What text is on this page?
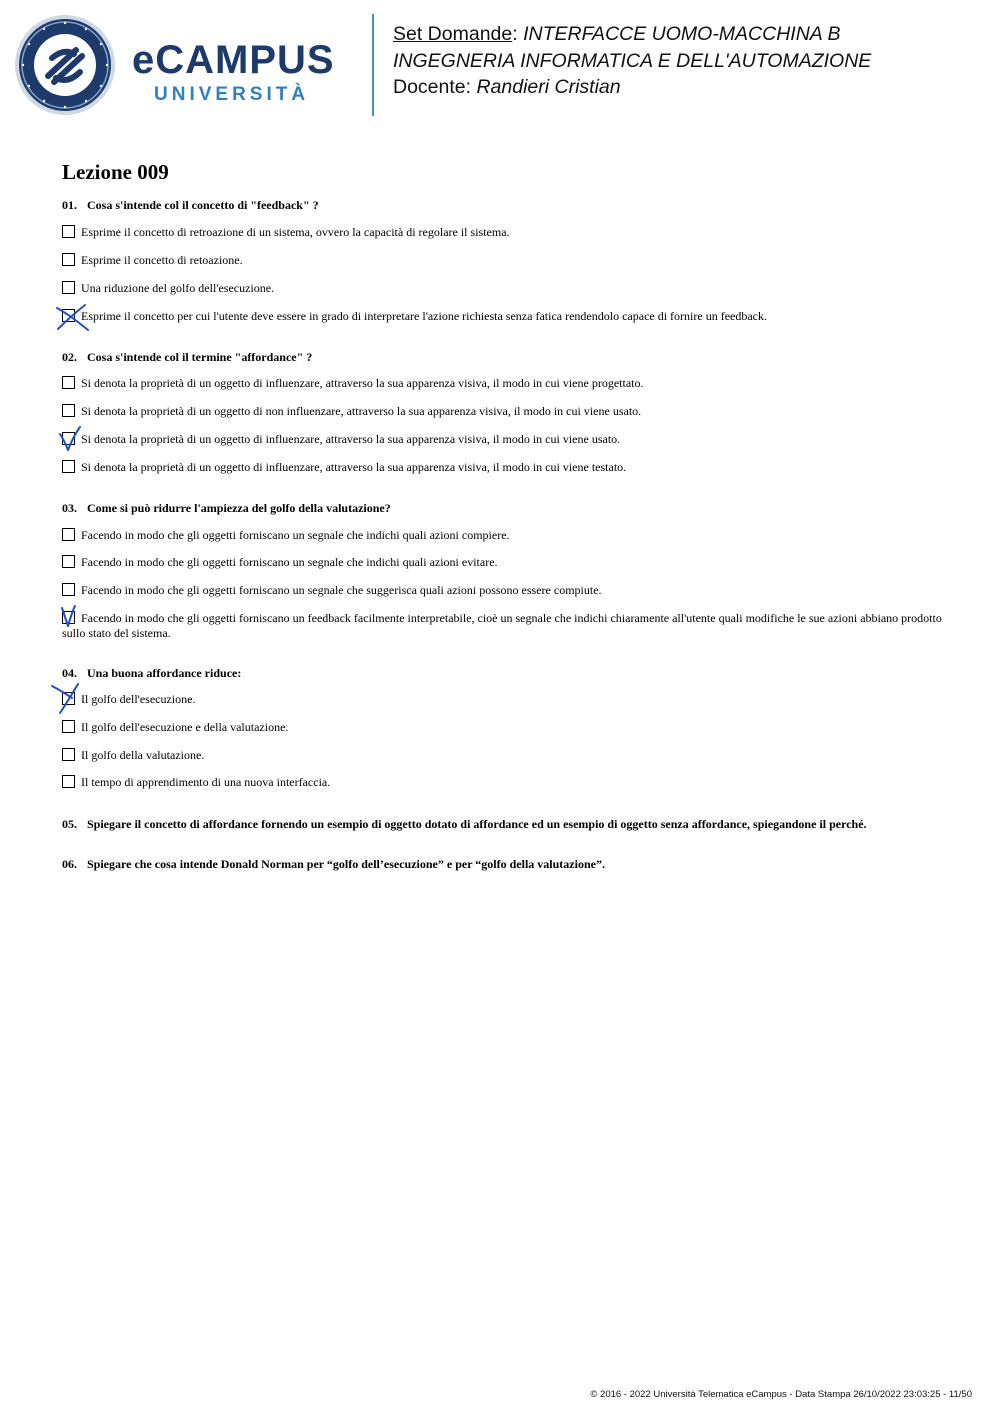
eCAMPUS
UNIVERSITÀ
Set Domande: INTERFACCE UOMO-MACCHINA B
INGEGNERIA INFORMATICA E DELL'AUTOMAZIONE
Docente: Randieri Cristian
Lezione 009
01. Cosa s'intende col il concetto di "feedback" ?
Esprime il concetto di retroazione di un sistema, ovvero la capacità di regolare il sistema.
Esprime il concetto di retoazione.
Una riduzione del golfo dell'esecuzione.
Esprime il concetto per cui l'utente deve essere in grado di interpretare l'azione richiesta senza fatica rendendolo capace di fornire un feedback.
02. Cosa s'intende col il termine "affordance" ?
Si denota la proprietà di un oggetto di influenzare, attraverso la sua apparenza visiva, il modo in cui viene progettato.
Si denota la proprietà di un oggetto di non influenzare, attraverso la sua apparenza visiva, il modo in cui viene usato.
Si denota la proprietà di un oggetto di influenzare, attraverso la sua apparenza visiva, il modo in cui viene usato.
Si denota la proprietà di un oggetto di influenzare, attraverso la sua apparenza visiva, il modo in cui viene testato.
03. Come si può ridurre l'ampiezza del golfo della valutazione?
Facendo in modo che gli oggetti forniscano un segnale che indichi quali azioni compiere.
Facendo in modo che gli oggetti forniscano un segnale che indichi quali azioni evitare.
Facendo in modo che gli oggetti forniscano un segnale che suggerisca quali azioni possono essere compiute.
Facendo in modo che gli oggetti forniscano un feedback facilmente interpretabile, cioè un segnale che indichi chiaramente all'utente quali modifiche le sue azioni abbiano prodotto sullo stato del sistema.
04. Una buona affordance riduce:
Il golfo dell'esecuzione.
Il golfo dell'esecuzione e della valutazione.
Il golfo della valutazione.
Il tempo di apprendimento di una nuova interfaccia.
05. Spiegare il concetto di affordance fornendo un esempio di oggetto dotato di affordance ed un esempio di oggetto senza affordance, spiegandone il perché.
06. Spiegare che cosa intende Donald Norman per “golfo dell’esecuzione” e per “golfo della valutazione”.
© 2016 - 2022 Università Telematica eCampus - Data Stampa 26/10/2022 23:03:25 - 11/50
